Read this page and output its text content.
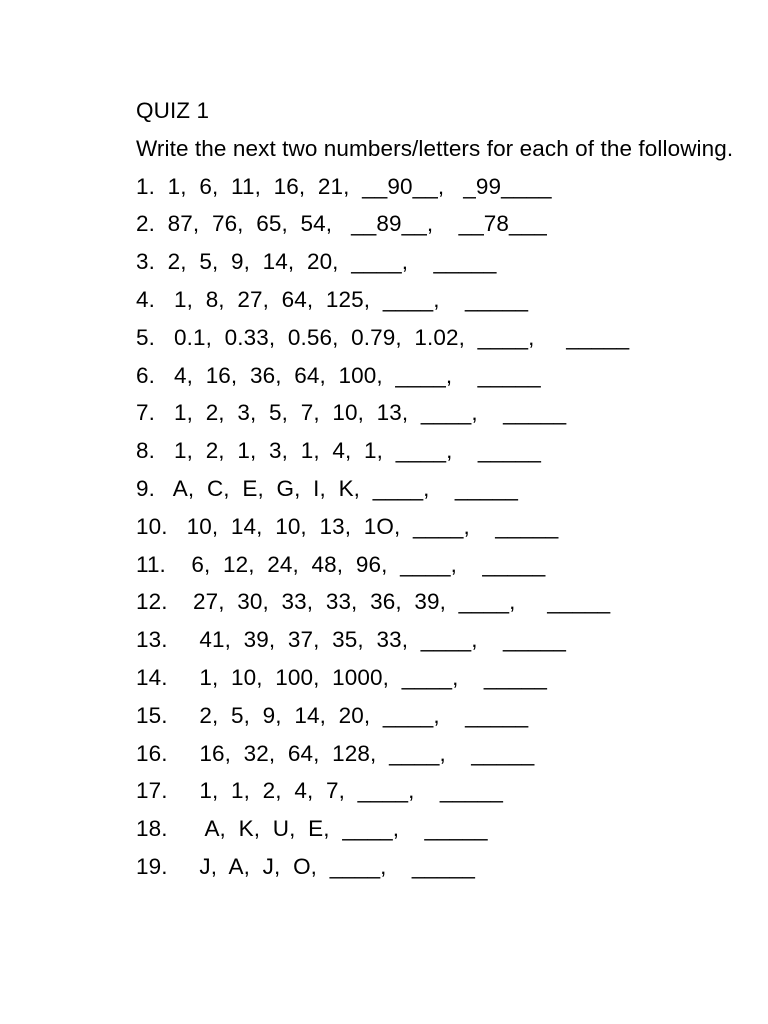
QUIZ 1
Write the next two numbers/letters for each of the following.
1. 1,  6,  11,  16,  21,  __90__,   _99____
2. 87,  76,  65,  54,   __89__,    __78___
3. 2,  5,  9,  14,  20,  ____,    _____
4. 1,  8,  27,  64,  125,  ____,    _____
5. 0.1,  0.33,  0.56,  0.79,  1.02,  ____,     _____
6. 4,  16,  36,  64,  100,  ____,    _____
7. 1,  2,  3,  5,  7,  10,  13,  ____,    _____
8. 1,  2,  1,  3,  1,  4,  1,  ____,    _____
9. A,  C,  E,  G,  I,  K,  ____,    _____
10. 10,  14,  10,  13,  1O,  ____,    _____
11. 6,  12,  24,  48,  96,  ____,    _____
12. 27,  30,  33,  33,  36,  39,  ____,     _____
13. 41,  39,  37,  35,  33,  ____,    _____
14. 1,  10,  100,  1000,  ____,    _____
15. 2,  5,  9,  14,  20,  ____,    _____
16. 16,  32,  64,  128,  ____,    _____
17. 1,  1,  2,  4,  7,  ____,    _____
18. A,  K,  U,  E,  ____,    _____
19. J,  A,  J,  O,  ____,    _____
